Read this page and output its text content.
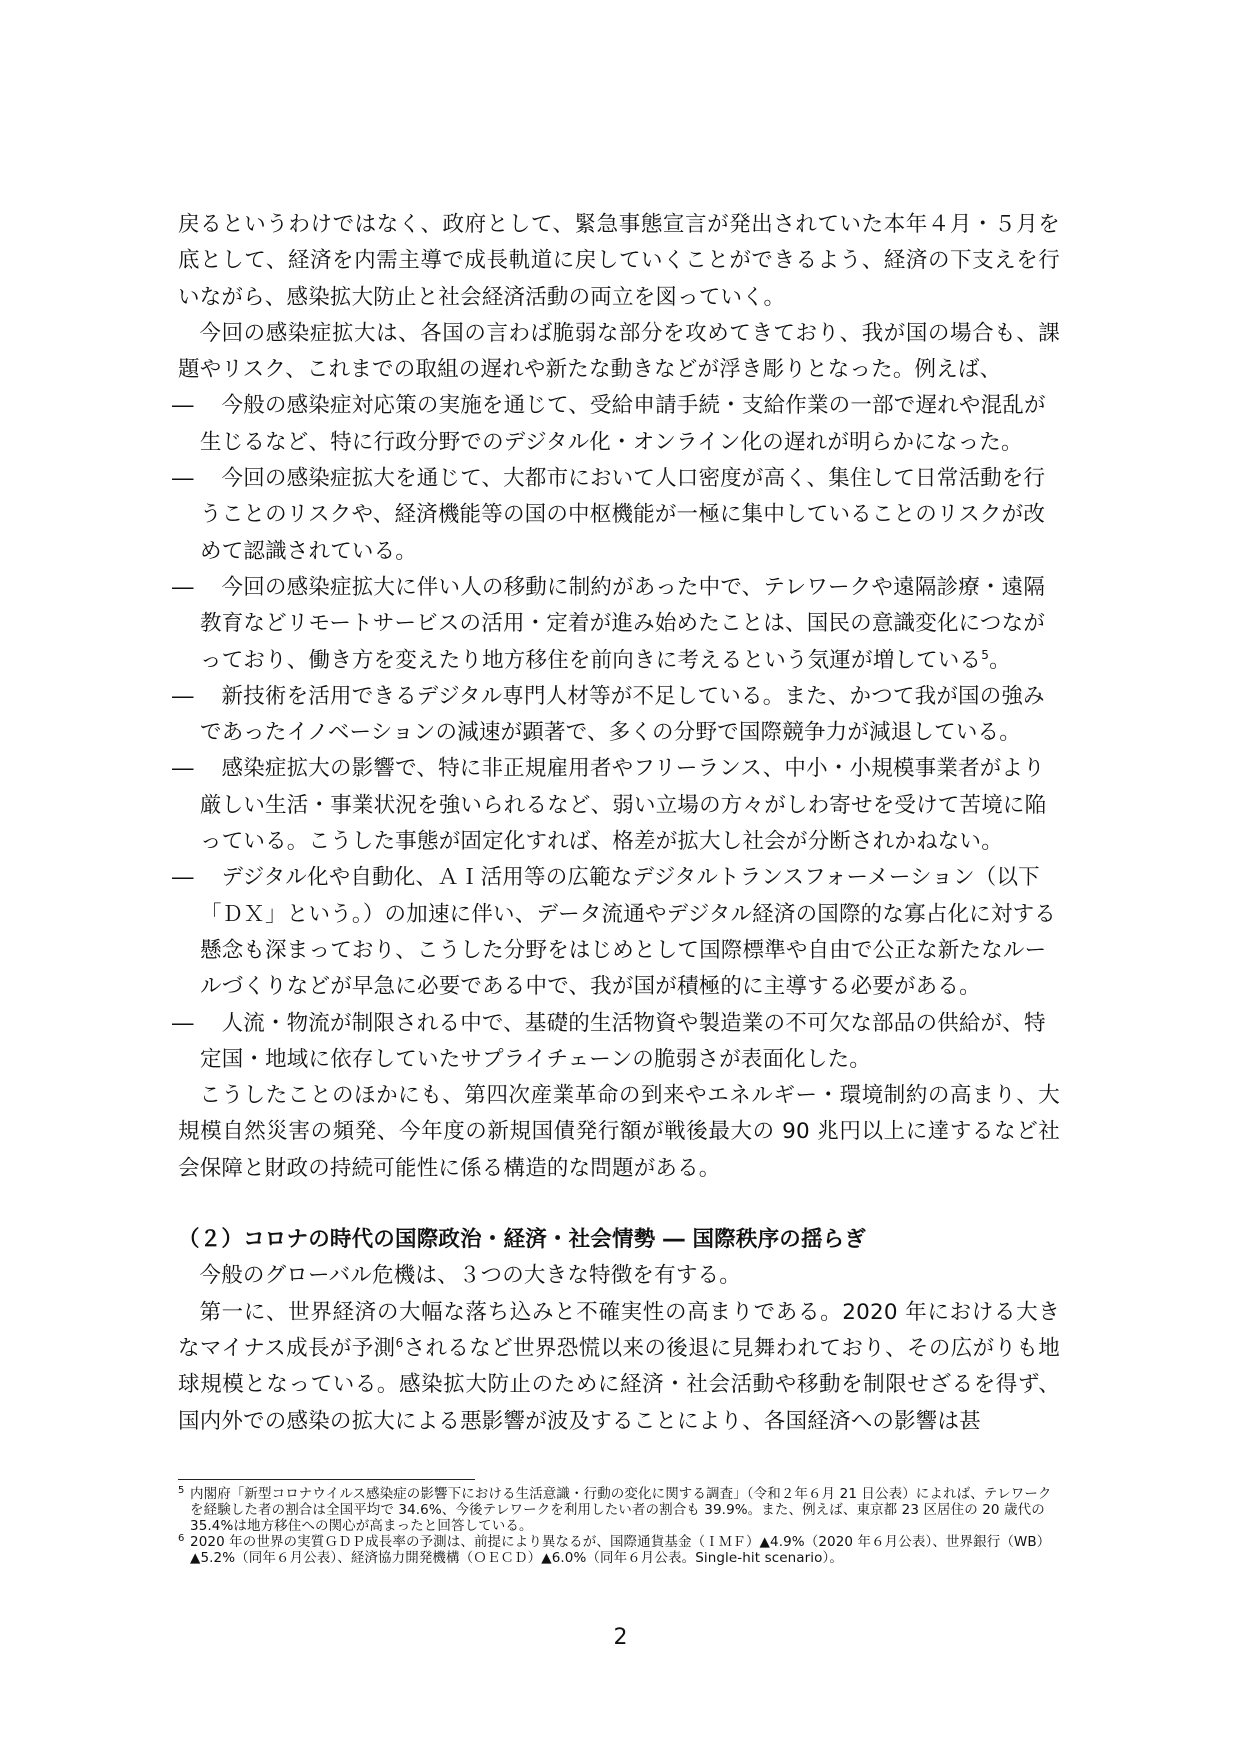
戻るというわけではなく、政府として、緊急事態宣言が発出されていた本年４月・５月を底として、経済を内需主導で成長軌道に戻していくことができるよう、経済の下支えを行いながら、感染拡大防止と社会経済活動の両立を図っていく。

今回の感染症拡大は、各国の言わば脆弱な部分を攻めてきており、我が国の場合も、課題やリスク、これまでの取組の遅れや新たな動きなどが浮き彫りとなった。例えば、

―	今般の感染症対応策の実施を通じて、受給申請手続・支給作業の一部で遅れや混乱が生じるなど、特に行政分野でのデジタル化・オンライン化の遅れが明らかになった。

―	今回の感染症拡大を通じて、大都市において人口密度が高く、集住して日常活動を行うことのリスクや、経済機能等の国の中枢機能が一極に集中していることのリスクが改めて認識されている。

―	今回の感染症拡大に伴い人の移動に制約があった中で、テレワークや遠隔診療・遠隔教育などリモートサービスの活用・定着が進み始めたことは、国民の意識変化につながっており、働き方を変えたり地方移住を前向きに考えるという気運が増している$^5$。

―	新技術を活用できるデジタル専門人材等が不足している。また、かつて我が国の強みであったイノベーションの減速が顕著で、多くの分野で国際競争力が減退している。

―	感染症拡大の影響で、特に非正規雇用者やフリーランス、中小・小規模事業者がより厳しい生活・事業状況を強いられるなど、弱い立場の方々がしわ寄せを受けて苦境に陥っている。こうした事態が固定化すれば、格差が拡大し社会が分断されかねない。

―	デジタル化や自動化、ＡＩ活用等の広範なデジタルトランスフォーメーション（以下「ＤＸ」という。）の加速に伴い、データ流通やデジタル経済の国際的な寡占化に対する懸念も深まっており、こうした分野をはじめとして国際標準や自由で公正な新たなルールづくりなどが早急に必要である中で、我が国が積極的に主導する必要がある。

―	人流・物流が制限される中で、基礎的生活物資や製造業の不可欠な部品の供給が、特定国・地域に依存していたサプライチェーンの脆弱さが表面化した。

こうしたことのほかにも、第四次産業革命の到来やエネルギー・環境制約の高まり、大規模自然災害の頻発、今年度の新規国債発行額が戦後最大の 90 兆円以上に達するなど社会保障と財政の持続可能性に係る構造的な問題がある。

（２）コロナの時代の国際政治・経済・社会情勢 ― 国際秩序の揺らぎ

今般のグローバル危機は、３つの大きな特徴を有する。

第一に、世界経済の大幅な落ち込みと不確実性の高まりである。2020 年における大きなマイナス成長が予測$^6$されるなど世界恐慌以来の後退に見舞われており、その広がりも地球規模となっている。感染拡大防止のために経済・社会活動や移動を制限せざるを得ず、国内外での感染の拡大による悪影響が波及することにより、各国経済への影響は甚

5 内閣府「新型コロナウイルス感染症の影響下における生活意識・行動の変化に関する調査」（令和２年６月 21 日公表）によれば、テレワークを経験した者の割合は全国平均で 34.6%、今後テレワークを利用したい者の割合も 39.9%。また、例えば、東京都 23 区居住の 20 歳代の 35.4%は地方移住への関心が高まったと回答している。

6 2020 年の世界の実質ＧＤＰ成長率の予測は、前提により異なるが、国際通貨基金（ＩＭＦ）▲4.9%（2020 年６月公表）、世界銀行（WB）▲5.2%（同年６月公表）、経済協力開発機構（ＯＥＣＤ）▲6.0%（同年６月公表。Single-hit scenario）。

2
